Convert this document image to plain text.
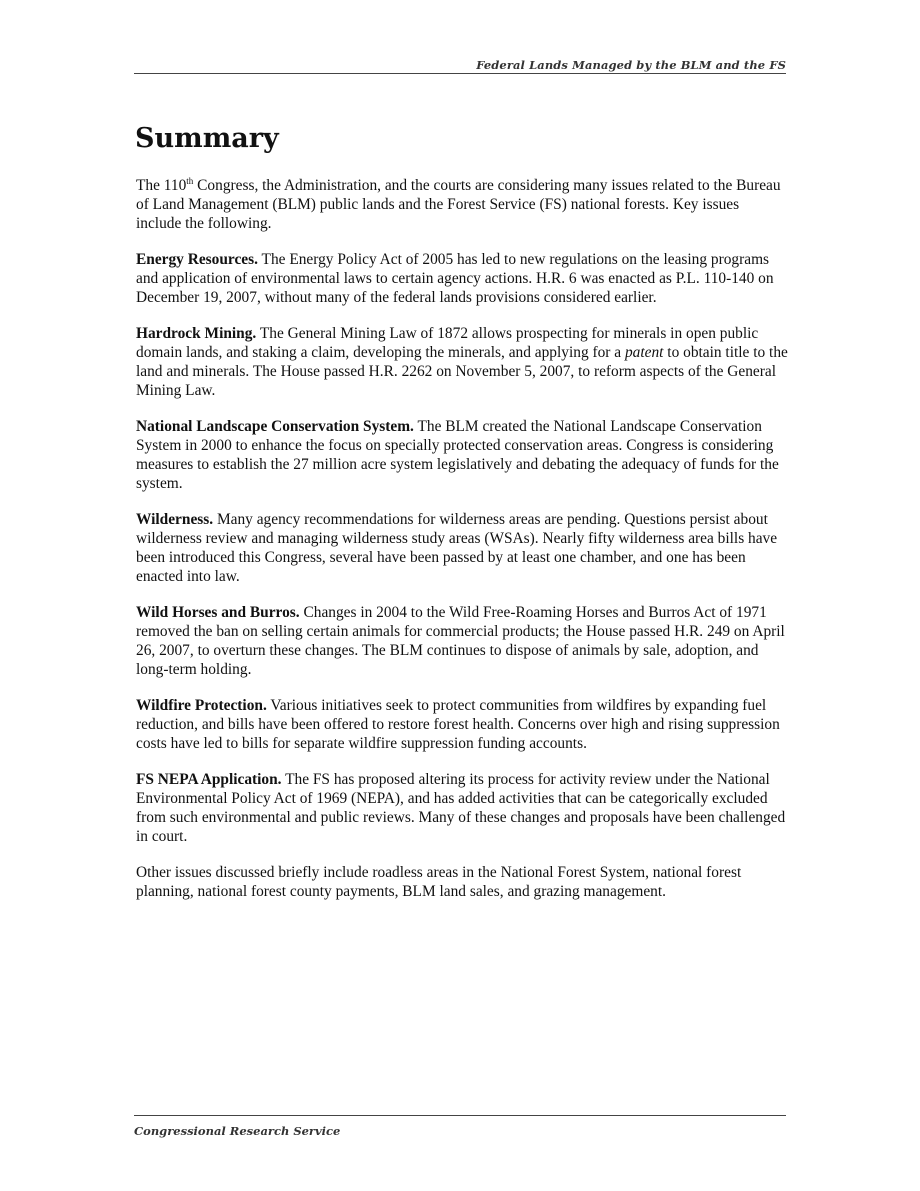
Federal Lands Managed by the BLM and the FS
Summary

The 110th Congress, the Administration, and the courts are considering many issues related to the Bureau of Land Management (BLM) public lands and the Forest Service (FS) national forests. Key issues include the following.

Energy Resources. The Energy Policy Act of 2005 has led to new regulations on the leasing programs and application of environmental laws to certain agency actions. H.R. 6 was enacted as P.L. 110-140 on December 19, 2007, without many of the federal lands provisions considered earlier.

Hardrock Mining. The General Mining Law of 1872 allows prospecting for minerals in open public domain lands, and staking a claim, developing the minerals, and applying for a patent to obtain title to the land and minerals. The House passed H.R. 2262 on November 5, 2007, to reform aspects of the General Mining Law.

National Landscape Conservation System. The BLM created the National Landscape Conservation System in 2000 to enhance the focus on specially protected conservation areas. Congress is considering measures to establish the 27 million acre system legislatively and debating the adequacy of funds for the system.

Wilderness. Many agency recommendations for wilderness areas are pending. Questions persist about wilderness review and managing wilderness study areas (WSAs). Nearly fifty wilderness area bills have been introduced this Congress, several have been passed by at least one chamber, and one has been enacted into law.

Wild Horses and Burros. Changes in 2004 to the Wild Free-Roaming Horses and Burros Act of 1971 removed the ban on selling certain animals for commercial products; the House passed H.R. 249 on April 26, 2007, to overturn these changes. The BLM continues to dispose of animals by sale, adoption, and long-term holding.

Wildfire Protection. Various initiatives seek to protect communities from wildfires by expanding fuel reduction, and bills have been offered to restore forest health. Concerns over high and rising suppression costs have led to bills for separate wildfire suppression funding accounts.

FS NEPA Application. The FS has proposed altering its process for activity review under the National Environmental Policy Act of 1969 (NEPA), and has added activities that can be categorically excluded from such environmental and public reviews. Many of these changes and proposals have been challenged in court.

Other issues discussed briefly include roadless areas in the National Forest System, national forest planning, national forest county payments, BLM land sales, and grazing management.

Congressional Research Service
